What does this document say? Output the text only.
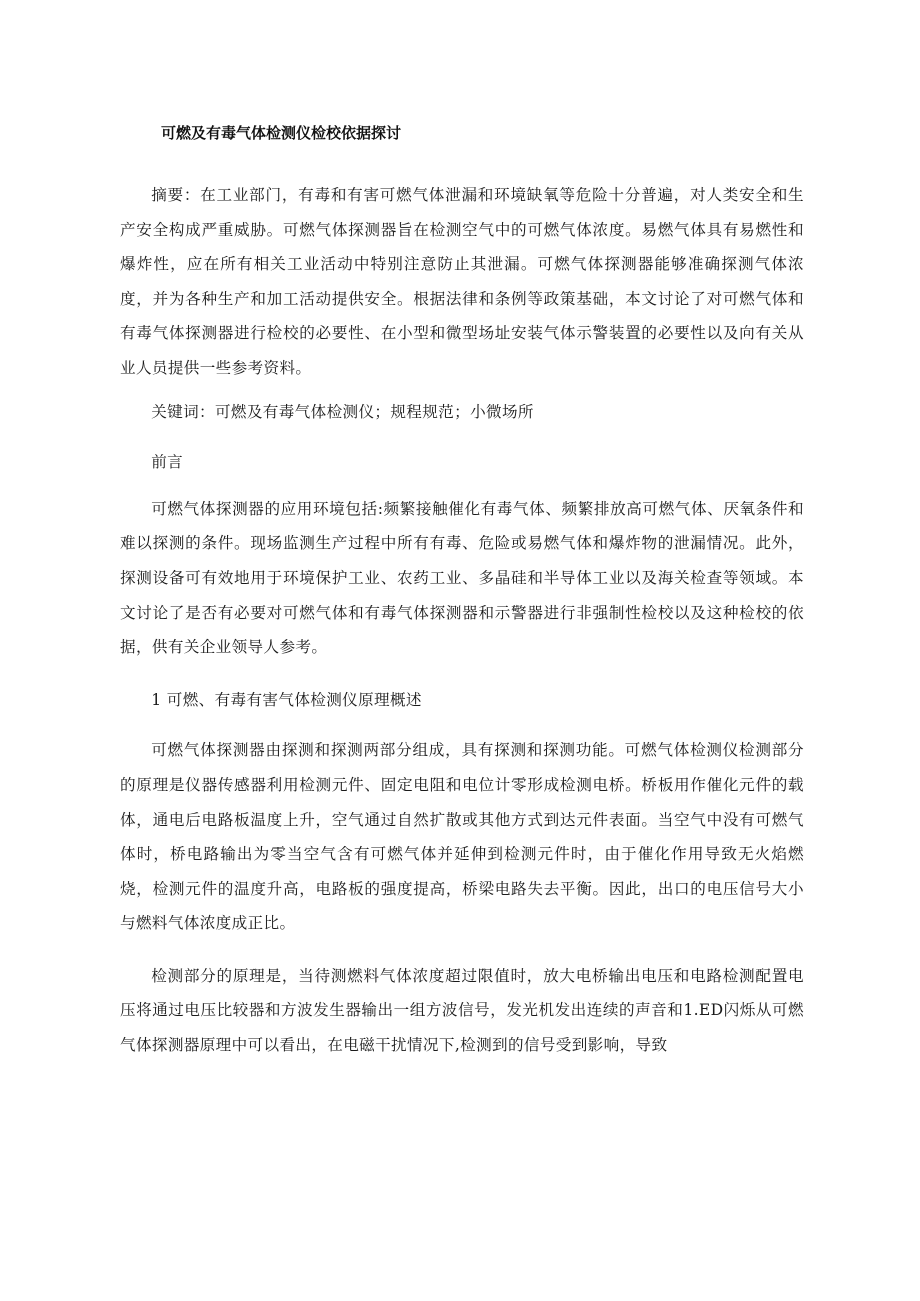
可燃及有毒气体检测仪检校依据探讨

摘要：在工业部门，有毒和有害可燃气体泄漏和环境缺氧等危险十分普遍，对人类安全和生产安全构成严重威胁。可燃气体探测器旨在检测空气中的可燃气体浓度。易燃气体具有易燃性和爆炸性，应在所有相关工业活动中特别注意防止其泄漏。可燃气体探测器能够准确探测气体浓度，并为各种生产和加工活动提供安全。根据法律和条例等政策基础，本文讨论了对可燃气体和有毒气体探测器进行检校的必要性、在小型和微型场址安装气体示警装置的必要性以及向有关从业人员提供一些参考资料。

关键词：可燃及有毒气体检测仪；规程规范；小微场所

前言

可燃气体探测器的应用环境包括:频繁接触催化有毒气体、频繁排放高可燃气体、厌氧条件和难以探测的条件。现场监测生产过程中所有有毒、危险或易燃气体和爆炸物的泄漏情况。此外，探测设备可有效地用于环境保护工业、农药工业、多晶硅和半导体工业以及海关检查等领域。本文讨论了是否有必要对可燃气体和有毒气体探测器和示警器进行非强制性检校以及这种检校的依据，供有关企业领导人参考。

1 可燃、有毒有害气体检测仪原理概述

可燃气体探测器由探测和探测两部分组成，具有探测和探测功能。可燃气体检测仪检测部分的原理是仪器传感器利用检测元件、固定电阻和电位计零形成检测电桥。桥板用作催化元件的载体，通电后电路板温度上升，空气通过自然扩散或其他方式到达元件表面。当空气中没有可燃气体时，桥电路输出为零当空气含有可燃气体并延伸到检测元件时，由于催化作用导致无火焰燃烧，检测元件的温度升高，电路板的强度提高，桥梁电路失去平衡。因此，出口的电压信号大小与燃料气体浓度成正比。

检测部分的原理是，当待测燃料气体浓度超过限值时，放大电桥输出电压和电路检测配置电压将通过电压比较器和方波发生器输出一组方波信号，发光机发出连续的声音和1.ED闪烁从可燃气体探测器原理中可以看出，在电磁干扰情况下,检测到的信号受到影响，导致
